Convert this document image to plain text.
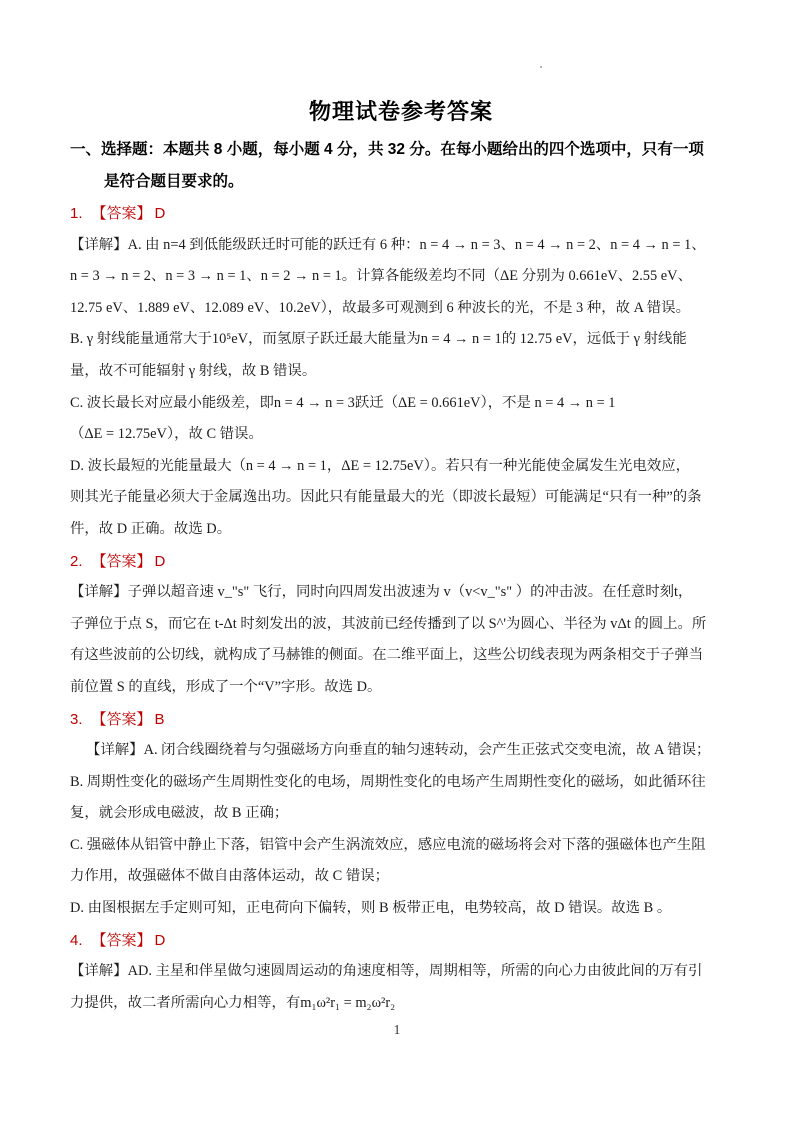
物理试卷参考答案
一、选择题：本题共 8 小题，每小题 4 分，共 32 分。在每小题给出的四个选项中，只有一项
是符合题目要求的。
1. 【答案】 D
【详解】A. 由 n=4 到低能级跃迁时可能的跃迁有 6 种：n = 4 → n = 3、n = 4 → n = 2、n = 4 → n = 1、
n = 3 → n = 2、n = 3 → n = 1、n = 2 → n = 1。计算各能级差均不同（ΔE 分别为 0.661eV、2.55 eV、
12.75 eV、1.889 eV、12.089 eV、10.2eV），故最多可观测到 6 种波长的光，不是 3 种，故 A 错误。
B. γ 射线能量通常大于10⁵eV，而氢原子跃迁最大能量为n = 4 → n = 1的 12.75 eV，远低于 γ 射线能
量，故不可能辐射 γ 射线，故 B 错误。
C. 波长最长对应最小能级差，即n = 4 → n = 3跃迁（ΔE = 0.661eV），不是 n = 4 → n = 1
（ΔE = 12.75eV），故 C 错误。
D. 波长最短的光能量最大（n = 4 → n = 1，ΔE = 12.75eV）。若只有一种光能使金属发生光电效应，
则其光子能量必须大于金属逸出功。因此只有能量最大的光（即波长最短）可能满足“只有一种”的条
件，故 D 正确。故选 D。
2. 【答案】 D
【详解】子弹以超音速 v_"s" 飞行，同时向四周发出波速为 v（v<v_"s" ）的冲击波。在任意时刻t，
子弹位于点 S，而它在 t-Δt 时刻发出的波，其波前已经传播到了以 S^'为圆心、半径为 vΔt 的圆上。所
有这些波前的公切线，就构成了马赫锥的侧面。在二维平面上，这些公切线表现为两条相交于子弹当
前位置 S 的直线，形成了一个“V”字形。故选 D。
3. 【答案】 B
【详解】A. 闭合线圈绕着与匀强磁场方向垂直的轴匀速转动，会产生正弦式交变电流，故 A 错误；
B. 周期性变化的磁场产生周期性变化的电场，周期性变化的电场产生周期性变化的磁场，如此循环往
复，就会形成电磁波，故 B 正确；
C. 强磁体从铝管中静止下落，铝管中会产生涡流效应，感应电流的磁场将会对下落的强磁体也产生阻
力作用，故强磁体不做自由落体运动，故 C 错误；
D. 由图根据左手定则可知，正电荷向下偏转，则 B 板带正电，电势较高，故 D 错误。故选 B 。
4. 【答案】 D
【详解】AD. 主星和伴星做匀速圆周运动的角速度相等，周期相等，所需的向心力由彼此间的万有引
力提供，故二者所需向心力相等，有m₁ω²r₁ = m₂ω²r₂
1
